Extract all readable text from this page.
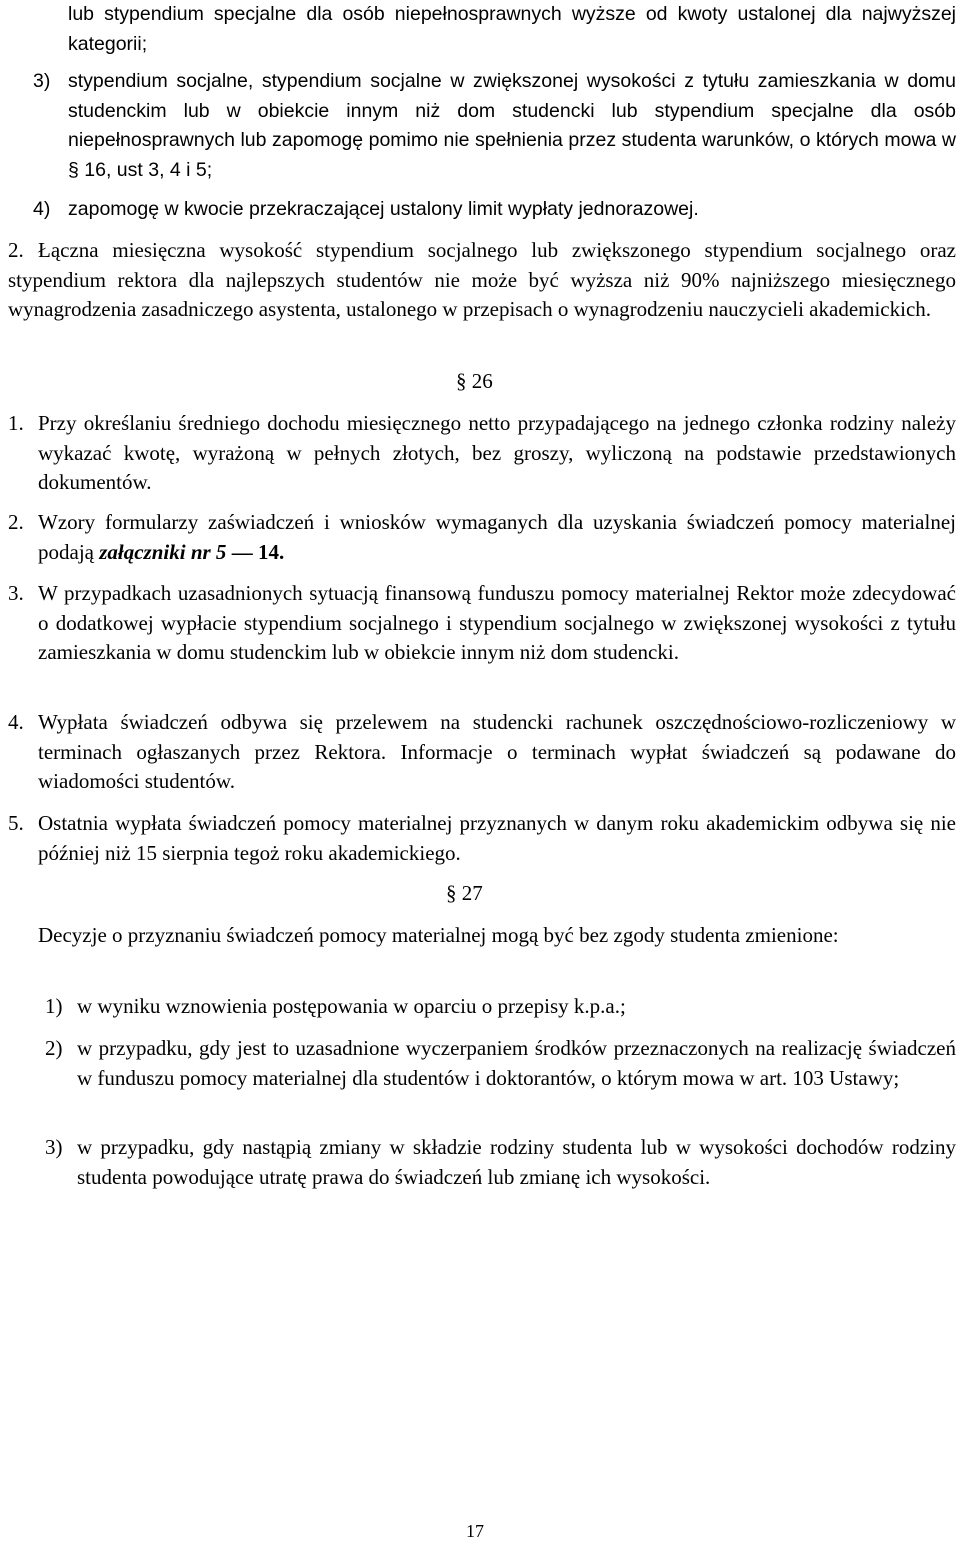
lub stypendium specjalne dla osób niepełnosprawnych wyższe od kwoty ustalonej dla najwyższej kategorii;

3) stypendium socjalne, stypendium socjalne w zwiększonej wysokości z tytułu zamieszkania w domu studenckim lub w obiekcie innym niż dom studencki lub stypendium specjalne dla osób niepełnosprawnych lub zapomogę pomimo nie spełnienia przez studenta warunków, o których mowa w § 16, ust 3, 4 i 5;

4) zapomogę w kwocie przekraczającej ustalony limit wypłaty jednorazowej.

2. Łączna miesięczna wysokość stypendium socjalnego lub zwiększonego stypendium socjalnego oraz stypendium rektora dla najlepszych studentów nie może być wyższa niż 90% najniższego miesięcznego wynagrodzenia zasadniczego asystenta, ustalonego w przepisach o wynagrodzeniu nauczycieli akademickich.

§ 26

1. Przy określaniu średniego dochodu miesięcznego netto przypadającego na jednego członka rodziny należy wykazać kwotę, wyrażoną w pełnych złotych, bez groszy, wyliczoną na podstawie przedstawionych dokumentów.

2. Wzory formularzy zaświadczeń i wniosków wymaganych dla uzyskania świadczeń pomocy materialnej podają załączniki nr 5 — 14.

3. W przypadkach uzasadnionych sytuacją finansową funduszu pomocy materialnej Rektor może zdecydować o dodatkowej wypłacie stypendium socjalnego i stypendium socjalnego w zwiększonej wysokości z tytułu zamieszkania w domu studenckim lub w obiekcie innym niż dom studencki.

4. Wypłata świadczeń odbywa się przelewem na studencki rachunek oszczędnościowo-rozliczeniowy w terminach ogłaszanych przez Rektora. Informacje o terminach wypłat świadczeń są podawane do wiadomości studentów.

5. Ostatnia wypłata świadczeń pomocy materialnej przyznanych w danym roku akademickim odbywa się nie później niż 15 sierpnia tegoż roku akademickiego.

§ 27

Decyzje o przyznaniu świadczeń pomocy materialnej mogą być bez zgody studenta zmienione:

1) w wyniku wznowienia postępowania w oparciu o przepisy k.p.a.;

2) w przypadku, gdy jest to uzasadnione wyczerpaniem środków przeznaczonych na realizację świadczeń w funduszu pomocy materialnej dla studentów i doktorantów, o którym mowa w art. 103 Ustawy;

3) w przypadku, gdy nastąpią zmiany w składzie rodziny studenta lub w wysokości dochodów rodziny studenta powodujące utratę prawa do świadczeń lub zmianę ich wysokości.

17
